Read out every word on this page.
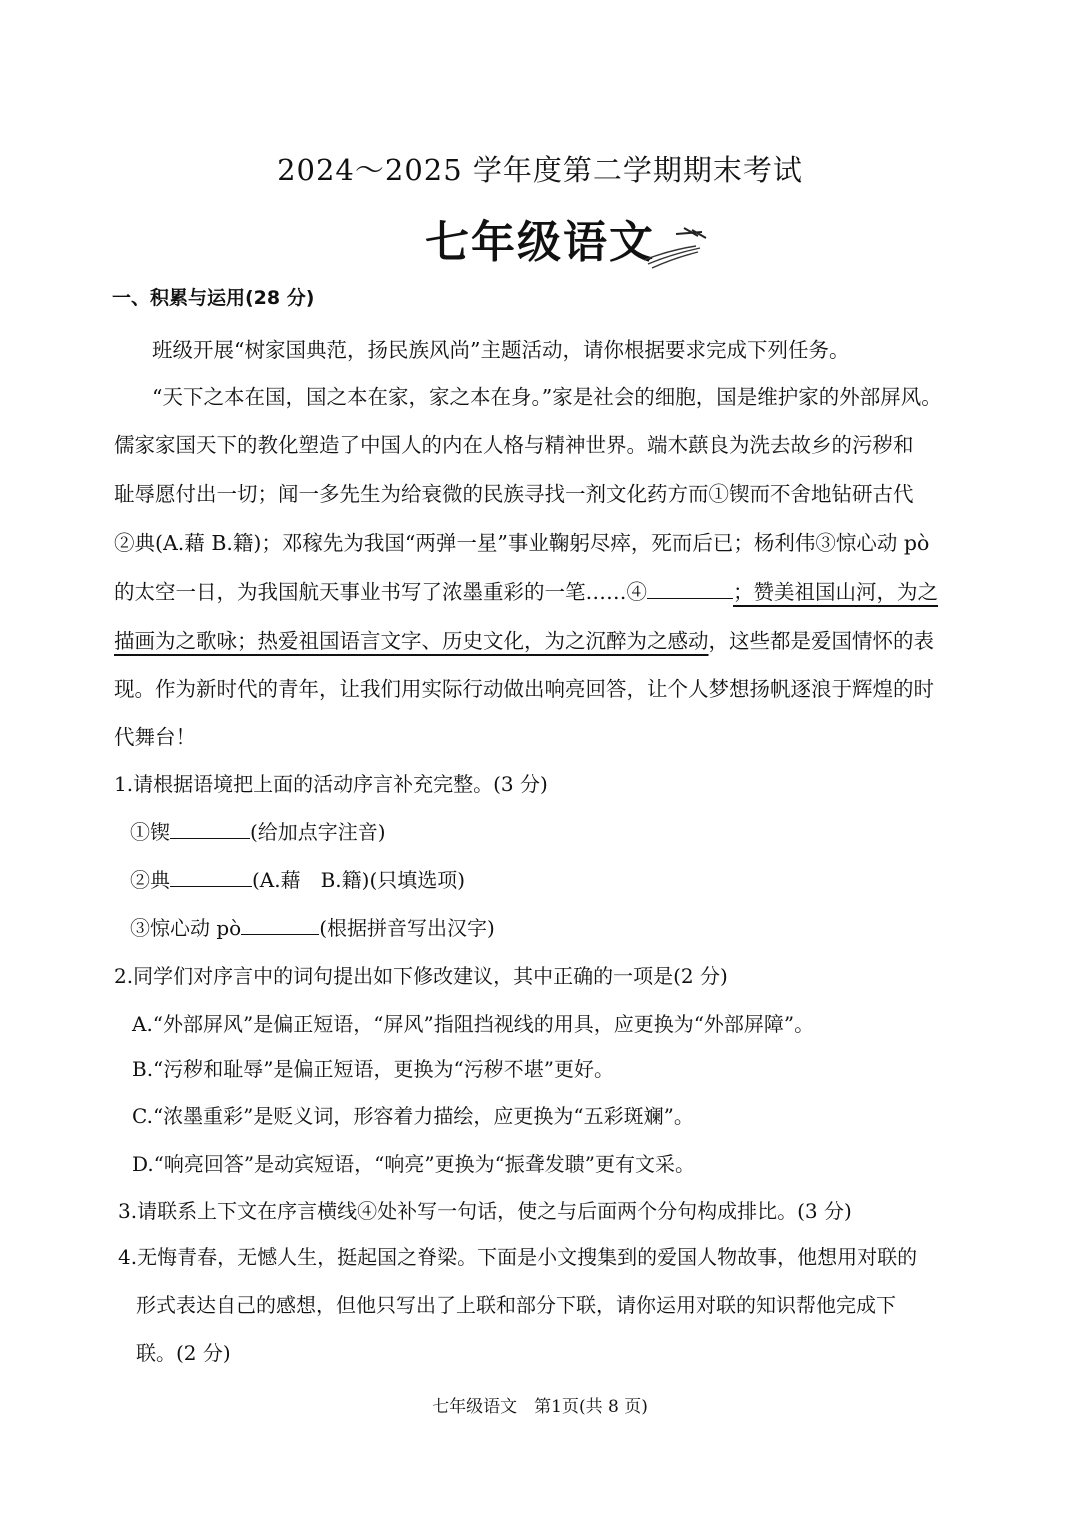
2024～2025 学年度第二学期期末考试
七年级语文
一、积累与运用(28 分)
班级开展“树家国典范，扬民族风尚”主题活动，请你根据要求完成下列任务。
“天下之本在国，国之本在家，家之本在身。”家是社会的细胞，国是维护家的外部屏风。
儒家家国天下的教化塑造了中国人的内在人格与精神世界。端木蕻良为洗去故乡的污秽和
耻辱愿付出一切；闻一多先生为给衰微的民族寻找一剂文化药方而①锲而不舍地钻研古代
②典(A.藉 B.籍)；邓稼先为我国“两弹一星”事业鞠躬尽瘁，死而后已；杨利伟③惊心动 pò
的太空一日，为我国航天事业书写了浓墨重彩的一笔……④	；赞美祖国山河，为之
描画为之歌咏；热爱祖国语言文字、历史文化，为之沉醉为之感动，这些都是爱国情怀的表
现。作为新时代的青年，让我们用实际行动做出响亮回答，让个人梦想扬帆逐浪于辉煌的时
代舞台！
1.请根据语境把上面的活动序言补充完整。(3 分)
①锲	(给加点字注音)
②典	(A.藉　B.籍)(只填选项)
③惊心动 pò	(根据拼音写出汉字)
2.同学们对序言中的词句提出如下修改建议，其中正确的一项是(2 分)
A.“外部屏风”是偏正短语，“屏风”指阻挡视线的用具，应更换为“外部屏障”。
B.“污秽和耻辱”是偏正短语，更换为“污秽不堪”更好。
C.“浓墨重彩”是贬义词，形容着力描绘，应更换为“五彩斑斓”。
D.“响亮回答”是动宾短语，“响亮”更换为“振聋发聩”更有文采。
3.请联系上下文在序言横线④处补写一句话，使之与后面两个分句构成排比。(3 分)
4.无悔青春，无憾人生，挺起国之脊梁。下面是小文搜集到的爱国人物故事，他想用对联的
形式表达自己的感想，但他只写出了上联和部分下联，请你运用对联的知识帮他完成下
联。(2 分)
七年级语文　第1页(共 8 页)
